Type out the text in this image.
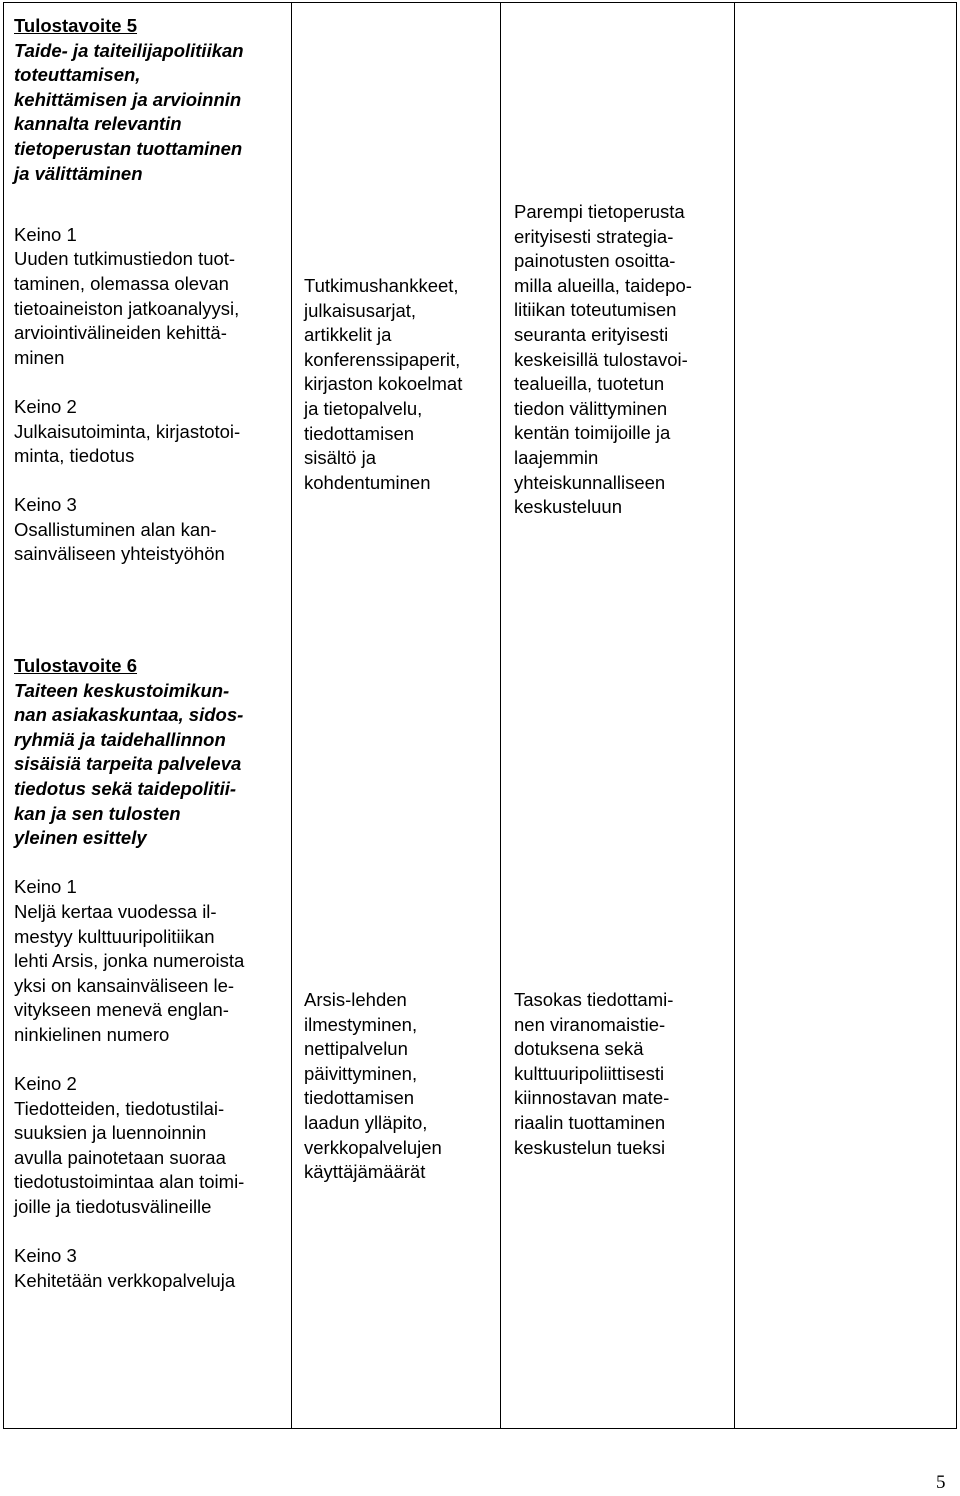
Tulostavoite 5
Taide- ja taiteilijapolitiikan
toteuttamisen,
kehittämisen ja arvioinnin
kannalta relevantin
tietoperustan tuottaminen
ja välittäminen
Keino 1
Uuden tutkimustiedon tuot-
taminen, olemassa olevan
tietoaineiston jatkoanalyysi,
arviointivälineiden kehittä-
minen
Keino 2
Julkaisutoiminta, kirjastotoi-
minta, tiedotus
Keino 3
Osallistuminen alan kan-
sainväliseen yhteistyöhön
Tutkimushankkeet,
julkaisusarjat,
artikkelit ja
konferenssipaperit,
kirjaston kokoelmat
ja tietopalvelu,
tiedottamisen
sisältö ja
kohdentuminen
Parempi tietoperusta
erityisesti strategia-
painotusten osoitta-
milla alueilla, taidepo-
litiikan toteutumisen
seuranta erityisesti
keskeisillä tulostavoi-
tealueilla, tuotetun
tiedon välittyminen
kentän toimijoille ja
laajemmin
yhteiskunnalliseen
keskusteluun
Tulostavoite 6
Taiteen keskustoimikun-
nan asiakaskuntaa, sidos-
ryhmiä ja taidehallinnon
sisäisiä tarpeita palveleva
tiedotus sekä taidepolitii-
kan ja sen tulosten
yleinen esittely
Keino 1
Neljä kertaa vuodessa il-
mestyy kulttuuripolitiikan
lehti Arsis, jonka numeroista
yksi on kansainväliseen le-
vitykseen menevä englan-
ninkielinen numero
Keino 2
Tiedotteiden, tiedotustilai-
suuksien ja luennoinnin
avulla painotetaan suoraa
tiedotustoimintaa alan toimi-
joille ja tiedotusvälineille
Keino 3
Kehitetään verkkopalveluja
Arsis-lehden
ilmestyminen,
nettipalvelun
päivittyminen,
tiedottamisen
laadun ylläpito,
verkkopalvelujen
käyttäjämäärät
Tasokas tiedottami-
nen viranomaistie-
dotuksena sekä
kulttuuripoliittisesti
kiinnostavan mate-
riaalin tuottaminen
keskustelun tueksi
5
